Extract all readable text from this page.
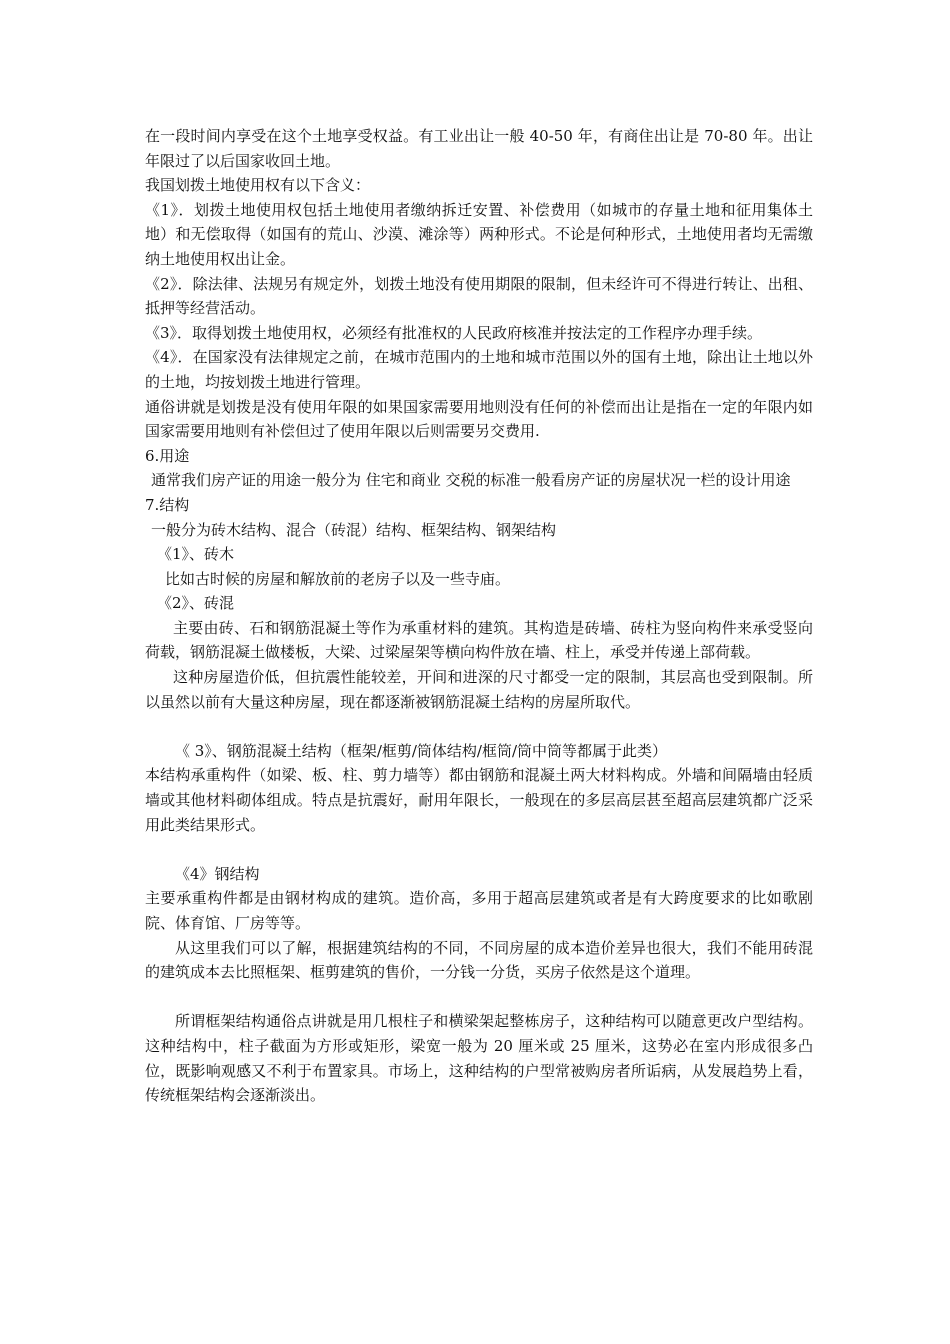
在一段时间内享受在这个土地享受权益。有工业出让一般 40-50 年，有商住出让是 70-80 年。出让年限过了以后国家收回土地。

我国划拨土地使用权有以下含义：

《1》．划拨土地使用权包括土地使用者缴纳拆迁安置、补偿费用（如城市的存量土地和征用集体土地）和无偿取得（如国有的荒山、沙漠、滩涂等）两种形式。不论是何种形式，土地使用者均无需缴纳土地使用权出让金。

《2》．除法律、法规另有规定外，划拨土地没有使用期限的限制，但未经许可不得进行转让、出租、抵押等经营活动。

《3》．取得划拨土地使用权，必须经有批准权的人民政府核准并按法定的工作程序办理手续。

《4》．在国家没有法律规定之前，在城市范围内的土地和城市范围以外的国有土地，除出让土地以外的土地，均按划拨土地进行管理。

通俗讲就是划拨是没有使用年限的如果国家需要用地则没有任何的补偿而出让是指在一定的年限内如国家需要用地则有补偿但过了使用年限以后则需要另交费用.

6.用途

通常我们房产证的用途一般分为 住宅和商业 交税的标准一般看房产证的房屋状况一栏的设计用途

7.结构

一般分为砖木结构、混合（砖混）结构、框架结构、钢架结构

《1》、砖木

比如古时候的房屋和解放前的老房子以及一些寺庙。

《2》、砖混

主要由砖、石和钢筋混凝土等作为承重材料的建筑。其构造是砖墙、砖柱为竖向构件来承受竖向荷载，钢筋混凝土做楼板，大梁、过梁屋架等横向构件放在墙、柱上，承受并传递上部荷载。

这种房屋造价低，但抗震性能较差，开间和进深的尺寸都受一定的限制，其层高也受到限制。所以虽然以前有大量这种房屋，现在都逐渐被钢筋混凝土结构的房屋所取代。

《 3》、钢筋混凝土结构（框架/框剪/筒体结构/框筒/筒中筒等都属于此类）

本结构承重构件（如梁、板、柱、剪力墙等）都由钢筋和混凝土两大材料构成。外墙和间隔墙由轻质墙或其他材料砌体组成。特点是抗震好，耐用年限长，一般现在的多层高层甚至超高层建筑都广泛采用此类结果形式。

《4》钢结构

主要承重构件都是由钢材构成的建筑。造价高，多用于超高层建筑或者是有大跨度要求的比如歌剧院、体育馆、厂房等等。

从这里我们可以了解，根据建筑结构的不同，不同房屋的成本造价差异也很大，我们不能用砖混的建筑成本去比照框架、框剪建筑的售价，一分钱一分货，买房子依然是这个道理。

所谓框架结构通俗点讲就是用几根柱子和横梁架起整栋房子，这种结构可以随意更改户型结构。这种结构中，柱子截面为方形或矩形，梁宽一般为 20 厘米或 25 厘米，这势必在室内形成很多凸位，既影响观感又不利于布置家具。市场上，这种结构的户型常被购房者所诟病，从发展趋势上看，传统框架结构会逐渐淡出。
